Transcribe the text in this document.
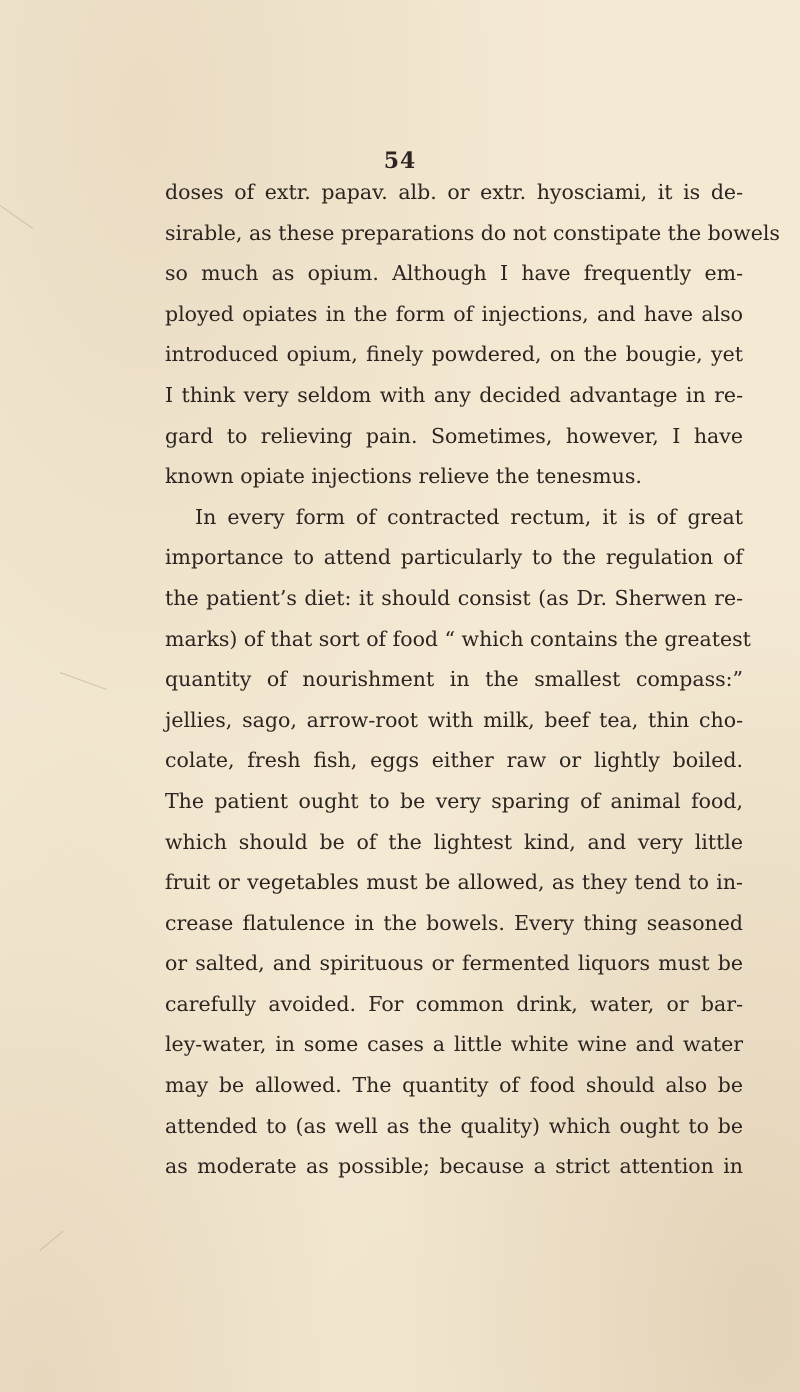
54
doses of extr. papav. alb. or extr. hyosciami, it is de-
sirable, as these preparations do not constipate the bowels
so much as opium. Although I have frequently em-
ployed opiates in the form of injections, and have also
introduced opium, finely powdered, on the bougie, yet
I think very seldom with any decided advantage in re-
gard to relieving pain. Sometimes, however, I have
known opiate injections relieve the tenesmus.
In every form of contracted rectum, it is of great
importance to attend particularly to the regulation of
the patient’s diet: it should consist (as Dr. Sherwen re-
marks) of that sort of food “ which contains the greatest
quantity of nourishment in the smallest compass:”
jellies, sago, arrow-root with milk, beef tea, thin cho-
colate, fresh fish, eggs either raw or lightly boiled.
The patient ought to be very sparing of animal food,
which should be of the lightest kind, and very little
fruit or vegetables must be allowed, as they tend to in-
crease flatulence in the bowels. Every thing seasoned
or salted, and spirituous or fermented liquors must be
carefully avoided. For common drink, water, or bar-
ley-water, in some cases a little white wine and water
may be allowed. The quantity of food should also be
attended to (as well as the quality) which ought to be
as moderate as possible; because a strict attention in
